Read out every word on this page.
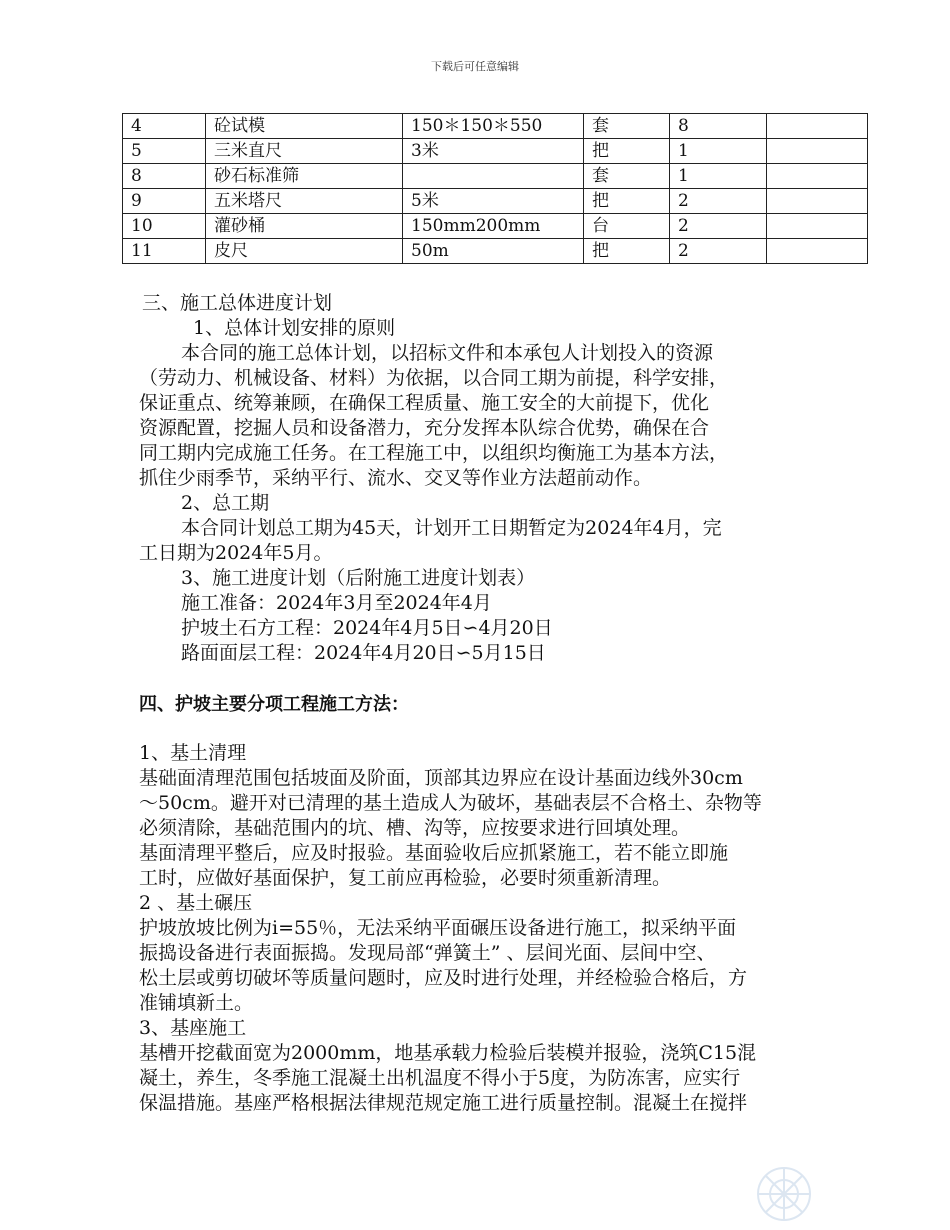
下载后可任意编辑
4	砼试模	150＊150＊550	套	8	
5	三米直尺	3米	把	1	
8	砂石标准筛		套	1	
9	五米塔尺	5米	把	2	
10	灌砂桶	150mm200mm	台	2	
11	皮尺	50m	把	2	
三、施工总体进度计划
1、总体计划安排的原则
本合同的施工总体计划，以招标文件和本承包人计划投入的资源
（劳动力、机械设备、材料）为依据，以合同工期为前提，科学安排，
保证重点、统筹兼顾，在确保工程质量、施工安全的大前提下，优化
资源配置，挖掘人员和设备潜力，充分发挥本队综合优势，确保在合
同工期内完成施工任务。在工程施工中，以组织均衡施工为基本方法，
抓住少雨季节，采纳平行、流水、交叉等作业方法超前动作。
2、总工期
本合同计划总工期为45天，计划开工日期暂定为2024年4月，完
工日期为2024年5月。
3、施工进度计划（后附施工进度计划表）
施工准备：2024年3月至2024年4月
护坡土石方工程：2024年4月5日∽4月20日
路面面层工程：2024年4月20日∽5月15日
四、护坡主要分项工程施工方法：
1、基土清理
基础面清理范围包括坡面及阶面，顶部其边界应在设计基面边线外30cm
～50cm。避开对已清理的基土造成人为破坏，基础表层不合格土、杂物等
必须清除，基础范围内的坑、槽、沟等，应按要求进行回填处理。
基面清理平整后，应及时报验。基面验收后应抓紧施工，若不能立即施
工时，应做好基面保护，复工前应再检验，必要时须重新清理。
2 、基土碾压
护坡放坡比例为i=55％，无法采纳平面碾压设备进行施工，拟采纳平面
振捣设备进行表面振捣。发现局部“弹簧土” 、层间光面、层间中空、
松土层或剪切破坏等质量问题时，应及时进行处理，并经检验合格后，方
准铺填新土。
3、基座施工
基槽开挖截面宽为2000mm，地基承载力检验后装模并报验，浇筑C15混
凝土，养生，冬季施工混凝土出机温度不得小于5度，为防冻害，应实行
保温措施。基座严格根据法律规范规定施工进行质量控制。混凝土在搅拌
